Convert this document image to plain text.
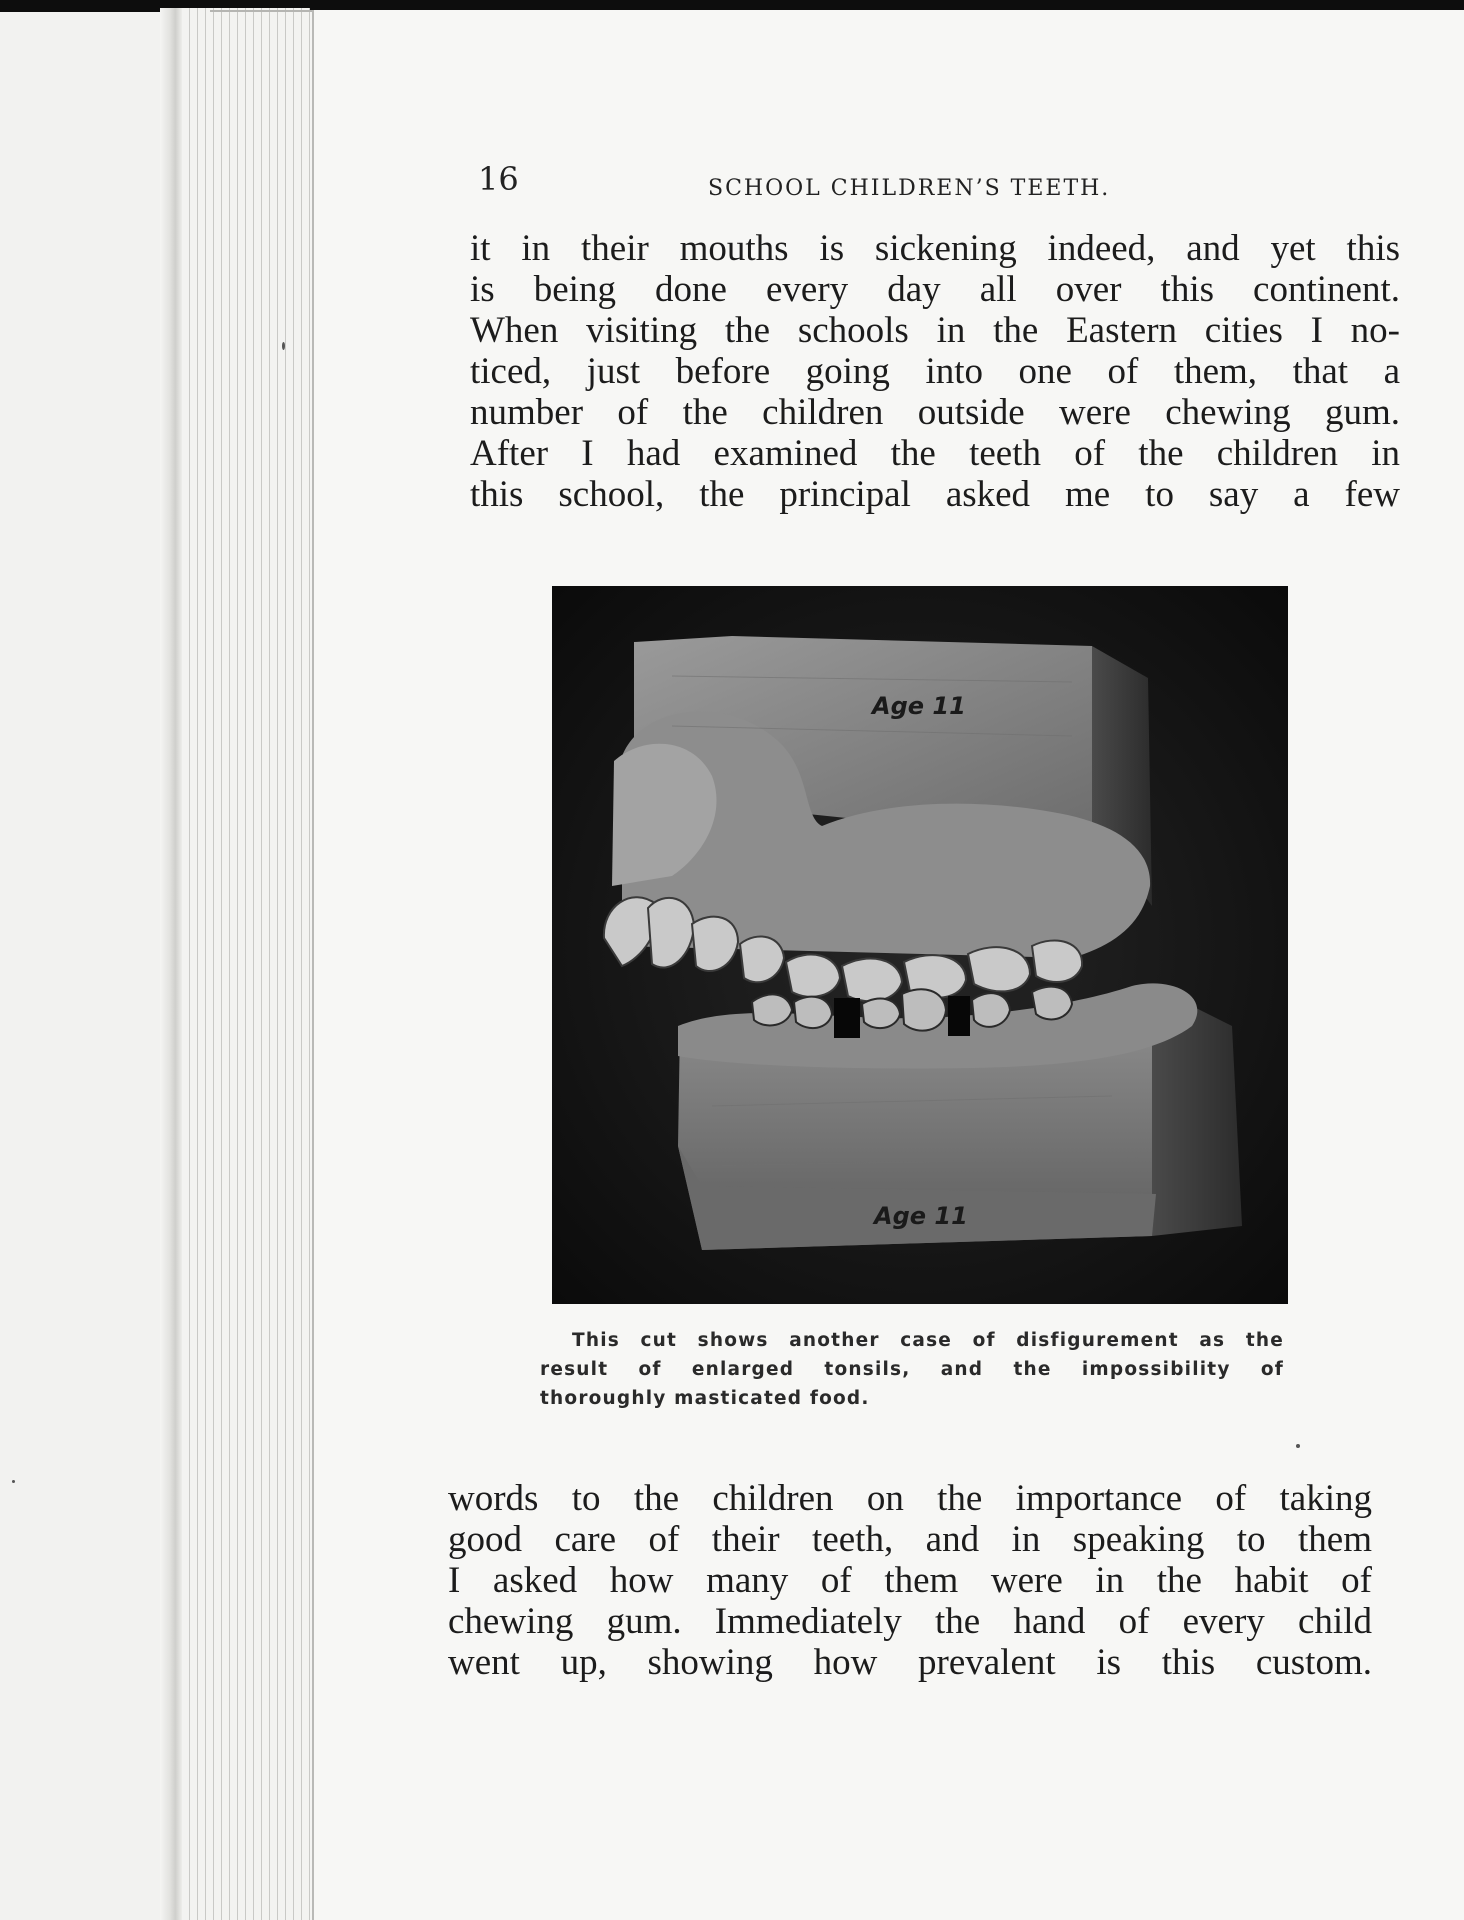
16	SCHOOL CHILDREN’S TEETH.
it in their mouths is sickening indeed, and yet this
is being done every day all over this continent.
When visiting the schools in the Eastern cities I no-
ticed, just before going into one of them, that a
number of the children outside were chewing gum.
After I had examined the teeth of the children in
this school, the principal asked me to say a few
Age 11
Age 11
This cut shows another case of disfigurement as the
result of enlarged tonsils, and the impossibility of
thoroughly masticated food.
words to the children on the importance of taking
good care of their teeth, and in speaking to them
I asked how many of them were in the habit of
chewing gum. Immediately the hand of every child
went up, showing how prevalent is this custom.
